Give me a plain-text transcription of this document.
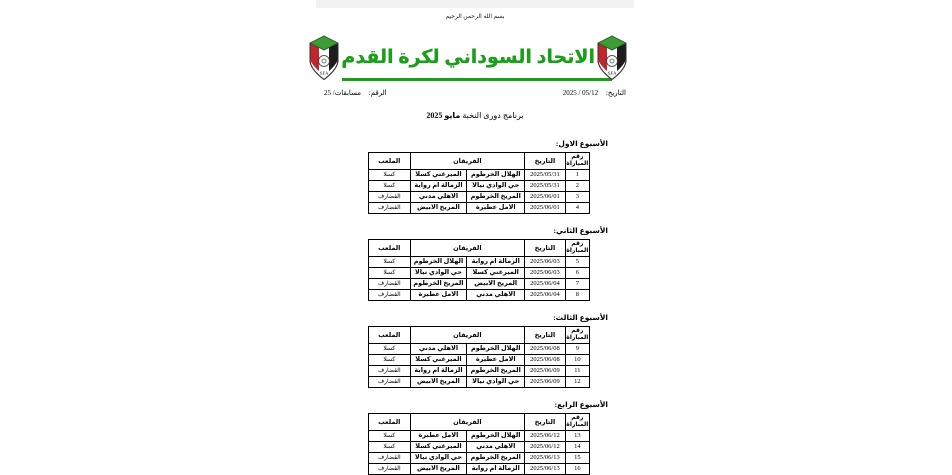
بسم الله الرحمن الرحيم
S.F.A
الاتحاد السوداني لكرة القدم
S.F.A
التاريخ: 05/12 / 2025
الرقم: مسابقات/ 25
برنامج دورى النخبة مايو 2025
الأسبوع الاول:
رقم
المباراة	التاريخ	الفريقان		الملعب
1	2025/05/31	الهلال الخرطوم	الميرغني كسلا	كسلا
2	2025/05/31	حي الوادي نيالا	الزمالة ام روابة	كسلا
3	2025/06/01	المريخ الخرطوم	الاهلي مدني	القضارف
4	2025/06/01	الامل عطبرة	المريخ الابيض	القضارف
الأسبوع الثاني:
رقم
المباراة	التاريخ	الفريقان		الملعب
5	2025/06/03	الزمالة ام روابة	الهلال الخرطوم	كسلا
6	2025/06/03	الميرغني كسلا	حي الوادي نيالا	كسلا
7	2025/06/04	المريخ الابيض	المريخ الخرطوم	القضارف
8	2025/06/04	الاهلي مدني	الامل عطبرة	القضارف
الأسبوع الثالث:
رقم
المباراة	التاريخ	الفريقان		الملعب
9	2025/06/08	الهلال الخرطوم	الاهلي مدني	كسلا
10	2025/06/08	الامل عطبرة	الميرغني كسلا	كسلا
11	2025/06/09	المريخ الخرطوم	الزمالة ام روابة	القضارف
12	2025/06/09	حي الوادي نيالا	المريخ الابيض	القضارف
الأسبوع الرابع:
رقم
المباراة	التاريخ	الفريقان		الملعب
13	2025/06/12	الهلال الخرطوم	الامل عطبرة	كسلا
14	2025/06/12	الاهلي مدني	الميرغني كسلا	كسلا
15	2025/06/13	المريخ الخرطوم	حي الوادي نيالا	القضارف
16	2025/06/13	الزمالة ام روابة	المريخ الابيض	القضارف
